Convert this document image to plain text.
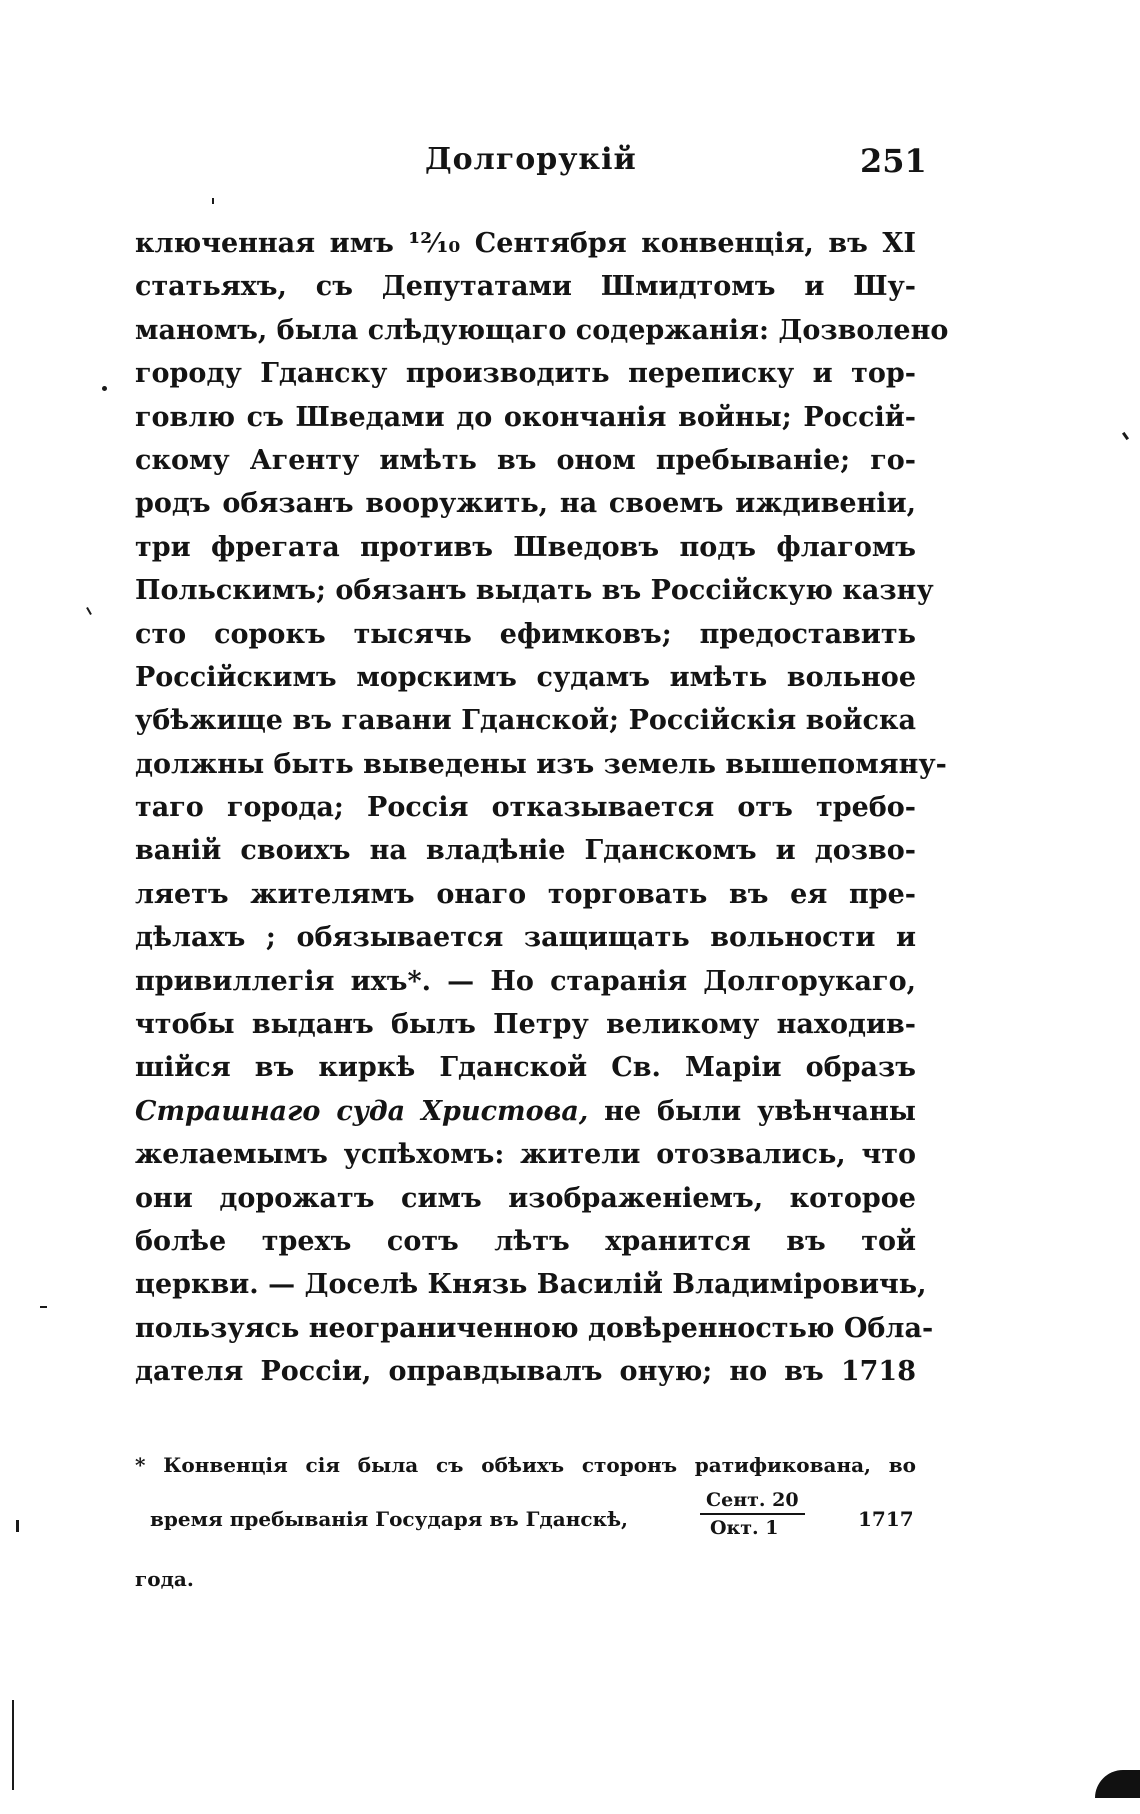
Долгорукій	251
ключенная имъ ¹²⁄₁₀ Сентября конвенція, въ XI
статьяхъ, съ Депутатами Шмидтомъ и Шу-
маномъ, была слѣдующаго содержанія: Дозволено
городу Гданску производить переписку и тор-
говлю съ Шведами до окончанія войны; Россій-
скому Агенту имѣть въ оном пребываніе; го-
родъ обязанъ вооружить, на своемъ иждивеніи,
три фрегата противъ Шведовъ подъ флагомъ
Польскимъ; обязанъ выдать въ Россійскую казну
сто сорокъ тысячь ефимковъ; предоставить
Россійскимъ морскимъ судамъ имѣть вольное
убѣжище въ гавани Гданской; Россійскія войска
должны быть выведены изъ земель вышепомяну-
таго города; Россія отказывается отъ требо-
ваній своихъ на владѣніе Гданскомъ и дозво-
ляетъ жителямъ онаго торговать въ ея пре-
дѣлахъ ; обязывается защищать вольности и
привиллегія ихъ*. — Но старанія Долгорукаго,
чтобы выданъ былъ Петру великому находив-
шійся въ киркѣ Гданской Св. Маріи образъ
Страшнаго суда Христова, не были увѣнчаны
желаемымъ успѣхомъ: жители отозвались, что
они дорожатъ симъ изображеніемъ, которое
болѣе трехъ сотъ лѣтъ хранится въ той
церкви. — Доселѣ Князь Василій Владиміровичь,
пользуясь неограниченною довѣренностью Обла-
дателя Россіи, оправдывалъ оную; но въ 1718
* Конвенція сія была съ обѣихъ сторонъ ратификована, во
время пребыванія Государя въ Гданскѣ,
Сент. 20
Окт. 1	1717
года.
